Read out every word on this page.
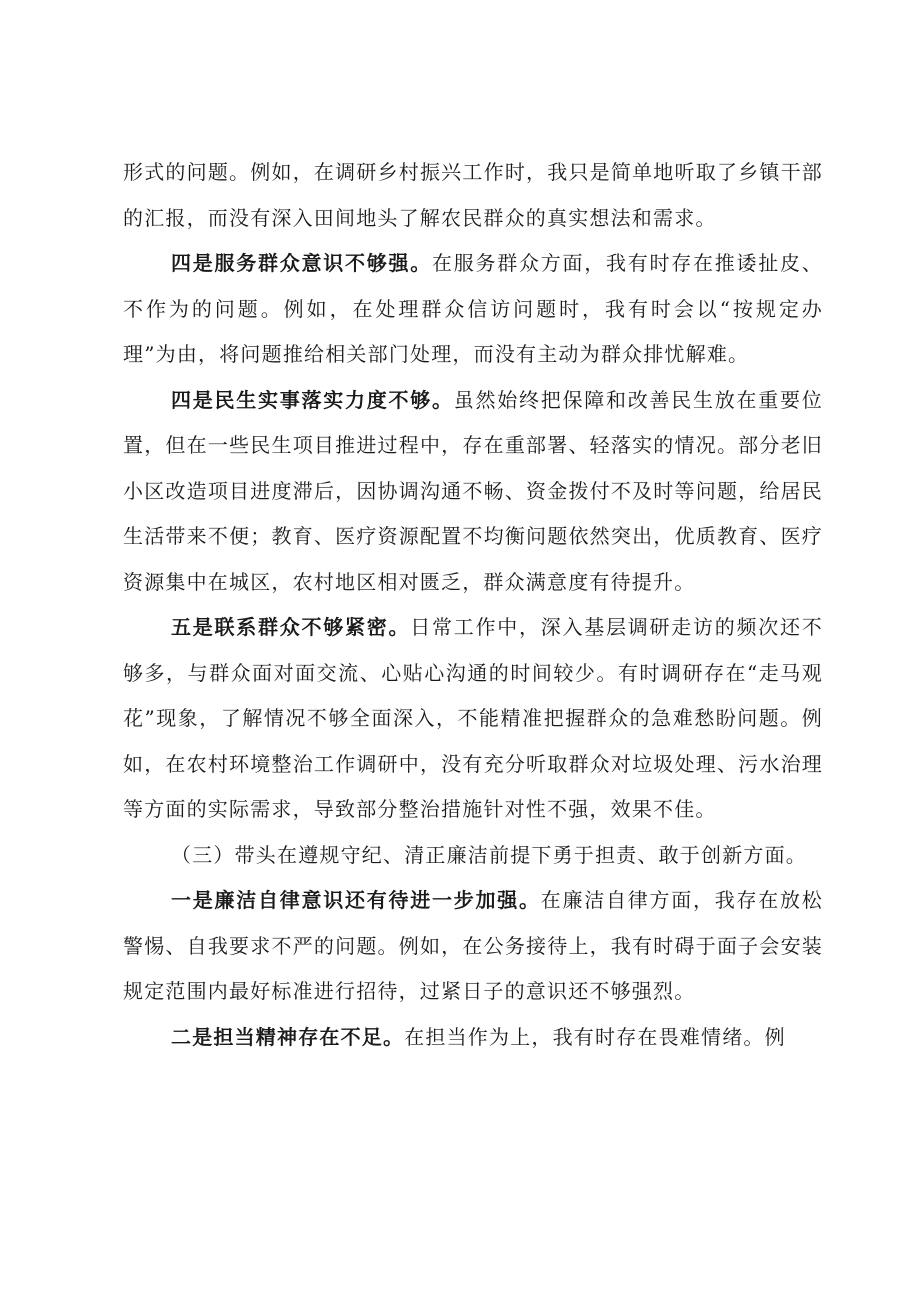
形式的问题。例如，在调研乡村振兴工作时，我只是简单地听取了乡镇干部的汇报，而没有深入田间地头了解农民群众的真实想法和需求。

四是服务群众意识不够强。在服务群众方面，我有时存在推诿扯皮、不作为的问题。例如，在处理群众信访问题时，我有时会以“按规定办理”为由，将问题推给相关部门处理，而没有主动为群众排忧解难。

四是民生实事落实力度不够。虽然始终把保障和改善民生放在重要位置，但在一些民生项目推进过程中，存在重部署、轻落实的情况。部分老旧小区改造项目进度滞后，因协调沟通不畅、资金拨付不及时等问题，给居民生活带来不便；教育、医疗资源配置不均衡问题依然突出，优质教育、医疗资源集中在城区，农村地区相对匮乏，群众满意度有待提升。

五是联系群众不够紧密。日常工作中，深入基层调研走访的频次还不够多，与群众面对面交流、心贴心沟通的时间较少。有时调研存在“走马观花”现象，了解情况不够全面深入，不能精准把握群众的急难愁盼问题。例如，在农村环境整治工作调研中，没有充分听取群众对垃圾处理、污水治理等方面的实际需求，导致部分整治措施针对性不强，效果不佳。

（三）带头在遵规守纪、清正廉洁前提下勇于担责、敢于创新方面。

一是廉洁自律意识还有待进一步加强。在廉洁自律方面，我存在放松警惕、自我要求不严的问题。例如，在公务接待上，我有时碍于面子会安装规定范围内最好标准进行招待，过紧日子的意识还不够强烈。

二是担当精神存在不足。在担当作为上，我有时存在畏难情绪。例
